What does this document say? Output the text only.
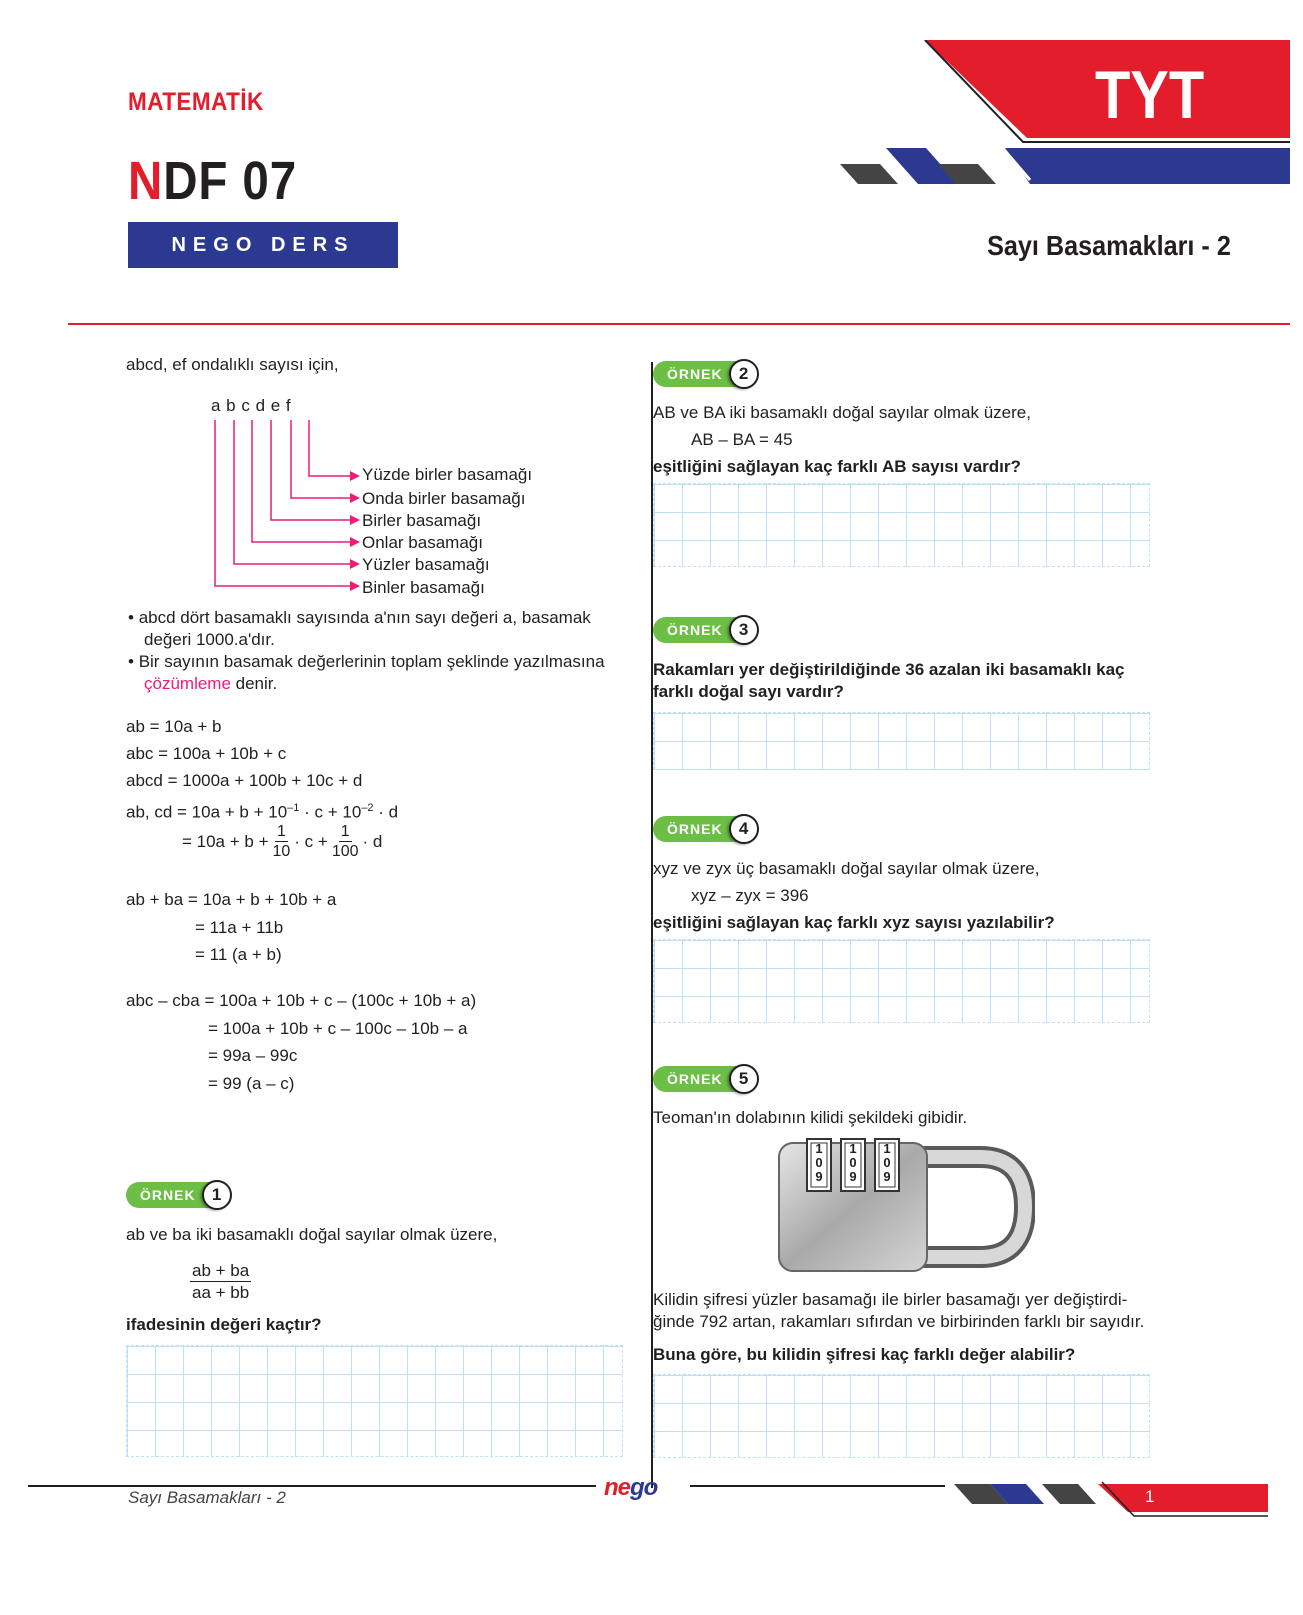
MATEMATİK
NDF 07
NEGO DERS FÖYÜ
Sayı Basamakları - 2
TYT
abcd, ef ondalıklı sayısı için,
a b c d e f
Yüzde birler basamağı
Onda birler basamağı
Birler basamağı
Onlar basamağı
Yüzler basamağı
Binler basamağı
• abcd dört basamaklı sayısında a'nın sayı değeri a, basamak
değeri 1000.a'dır.
• Bir sayının basamak değerlerinin toplam şeklinde yazılmasına
çözümleme denir.
ab = 10a + b
abc = 100a + 10b + c
abcd = 1000a + 100b + 10c + d
ab, cd = $10a + b + 10^{-1} \cdot c + 10^{-2} \cdot d$
= $10a + b + \frac{1}{10} \cdot c + \frac{1}{100} \cdot d$
ab + ba = 10a + b + 10b + a
= 11a + 11b
= 11 (a + b)
abc – cba = 100a + 10b + c – (100c + 10b + a)
= 100a + 10b + c – 100c – 10b – a
= 99a – 99c
= 99 (a – c)
ÖRNEK 1
ab ve ba iki basamaklı doğal sayılar olmak üzere,
$\frac{ab + ba}{aa + bb}$
ifadesinin değeri kaçtır?
ÖRNEK 2
AB ve BA iki basamaklı doğal sayılar olmak üzere,
AB – BA = 45
eşitliğini sağlayan kaç farklı AB sayısı vardır?
ÖRNEK 3
Rakamları yer değiştirildiğinde 36 azalan iki basamaklı kaç
farklı doğal sayı vardır?
ÖRNEK 4
xyz ve zyx üç basamaklı doğal sayılar olmak üzere,
xyz – zyx = 396
eşitliğini sağlayan kaç farklı xyz sayısı yazılabilir?
ÖRNEK 5
Teoman'ın dolabının kilidi şekildeki gibidir.
1
0
9
1
0
9
1
0
9
Kilidin şifresi yüzler basamağı ile birler basamağı yer değiştirdi-
ğinde 792 artan, rakamları sıfırdan ve birbirinden farklı bir sayıdır.
Buna göre, bu kilidin şifresi kaç farklı değer alabilir?
Sayı Basamakları - 2	nego	1
